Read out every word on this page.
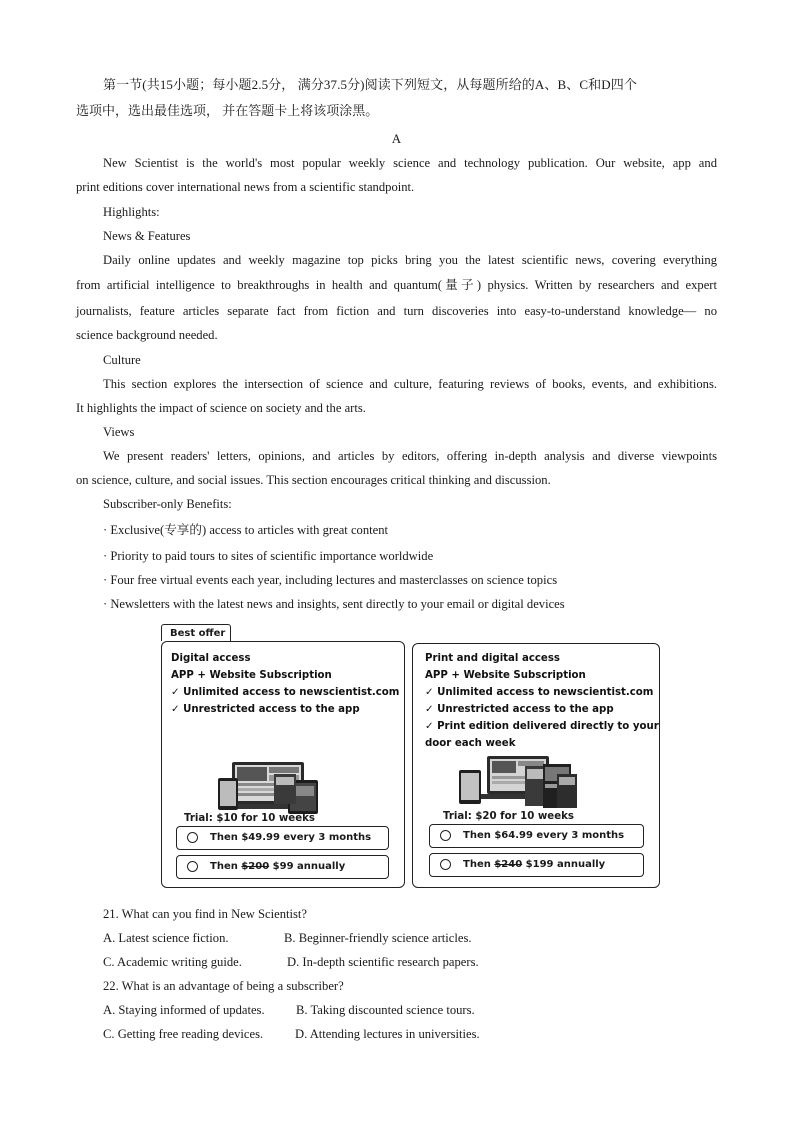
第一节(共15小题；每小题2.5分， 满分37.5分)阅读下列短文，从每题所给的A、B、C和D四个
选项中，选出最佳选项， 并在答题卡上将该项涂黑。
A
New Scientist is the world's most popular weekly science and technology publication. Our website, app and
print editions cover international news from a scientific standpoint.
Highlights:
News & Features
Daily online updates and weekly magazine top picks bring you the latest scientific news, covering everything
from artificial intelligence to breakthroughs in health and quantum(量子) physics. Written by researchers and expert
journalists, feature articles separate fact from fiction and turn discoveries into easy-to-understand knowledge— no
science background needed.
Culture
This section explores the intersection of science and culture, featuring reviews of books, events, and exhibitions.
It highlights the impact of science on society and the arts.
Views
We present readers' letters, opinions, and articles by editors, offering in-depth analysis and diverse viewpoints
on science, culture, and social issues. This section encourages critical thinking and discussion.
Subscriber-only Benefits:
· Exclusive(专享的) access to articles with great content
· Priority to paid tours to sites of scientific importance worldwide
· Four free virtual events each year, including lectures and masterclasses on science topics
· Newsletters with the latest news and insights, sent directly to your email or digital devices
Best offer
Digital access
APP + Website Subscription
✓ Unlimited access to newscientist.com
✓ Unrestricted access to the app
Trial: $10 for 10 weeks
Then $49.99 every 3 months
Then $200 $99 annually
Print and digital access
APP + Website Subscription
✓ Unlimited access to newscientist.com
✓ Unrestricted access to the app
✓ Print edition delivered directly to your
door each week
Trial: $20 for 10 weeks
Then $64.99 every 3 months
Then $240 $199 annually
21. What can you find in New Scientist?
A. Latest science fiction.	B. Beginner-friendly science articles.
C. Academic writing guide.	D. In-depth scientific research papers.
22. What is an advantage of being a subscriber?
A. Staying informed of updates. B. Taking discounted science tours.
C. Getting free reading devices.	D. Attending lectures in universities.
